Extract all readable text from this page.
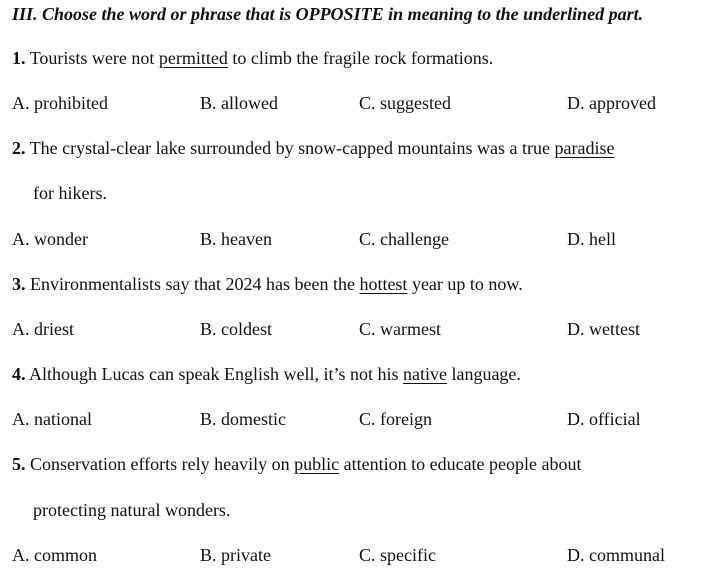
III. Choose the word or phrase that is OPPOSITE in meaning to the underlined part.
1. Tourists were not permitted to climb the fragile rock formations.
A. prohibited	B. allowed	C. suggested	D. approved
2. The crystal-clear lake surrounded by snow-capped mountains was a true paradise
for hikers.
A. wonder	B. heaven	C. challenge	D. hell
3. Environmentalists say that 2024 has been the hottest year up to now.
A. driest	B. coldest	C. warmest	D. wettest
4. Although Lucas can speak English well, it’s not his native language.
A. national	B. domestic	C. foreign	D. official
5. Conservation efforts rely heavily on public attention to educate people about
protecting natural wonders.
A. common	B. private	C. specific	D. communal
